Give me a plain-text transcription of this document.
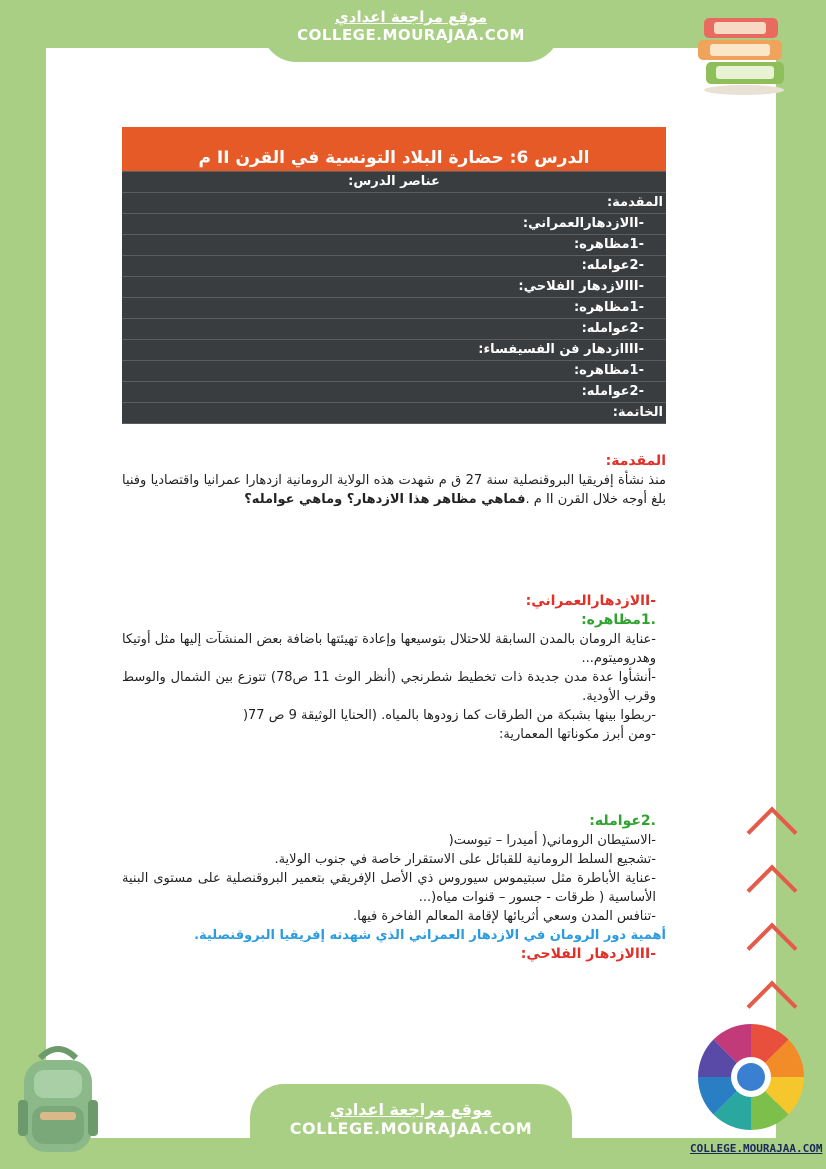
موقع مراجعة اعدادي
COLLEGE.MOURAJAA.COM

الدرس 6: حضارة البلاد التونسية في القرن II م
عناصر الدرس:
المقدمة:
-Iالازدهارالعمراني:
-1مظاهره:
-2عوامله:
-IIالازدهار الفلاحي:
-1مظاهره:
-2عوامله:
-IIIازدهار فن الفسيفساء:
-1مظاهره:
-2عوامله:
الخاتمة:

المقدمة:

منذ نشأة إفريقيا البروقنصلية سنة 27 ق م شهدت هذه الولاية الرومانية ازدهارا عمرانيا واقتصاديا وفنيا بلغ أوجه خلال القرن II م .فماهي مظاهر هذا الازدهار؟ وماهي عوامله؟

-Iالازدهارالعمراني:

.1مظاهره:

-عناية الرومان بالمدن السابقة للاحتلال بتوسيعها وإعادة تهيئتها باضافة بعض المنشآت إليها مثل أوتيكا وهدروميتوم...

-أنشأوا عدة مدن جديدة ذات تخطيط شطرنجي (أنظر الوث 11 ص78) تتوزع بين الشمال والوسط وقرب الأودية.

-ربطوا بينها بشبكة من الطرقات كما زودوها بالمياه. (الحنايا الوثيقة 9 ص 77(

-ومن أبرز مكوناتها المعمارية:

.2عوامله:

-الاستيطان الروماني( أميدرا – تيوست(

-تشجيع السلط الرومانية للقبائل على الاستقرار خاصة في جنوب الولاية.

-عناية الأباطرة مثل سبتيموس سيوروس ذي الأصل الإفريقي بتعمير البروقنصلية على مستوى البنية الأساسية ( طرقات - جسور – قنوات مياه(...

-تنافس المدن وسعي أثريائها لإقامة المعالم الفاخرة فيها.

أهمية دور الرومان في الازدهار العمراني الذي شهدته إفريقيا البروقنصلية.

-IIالازدهار الفلاحي:

موقع مراجعة اعدادي
COLLEGE.MOURAJAA.COM
COLLEGE.MOURAJAA.COM
